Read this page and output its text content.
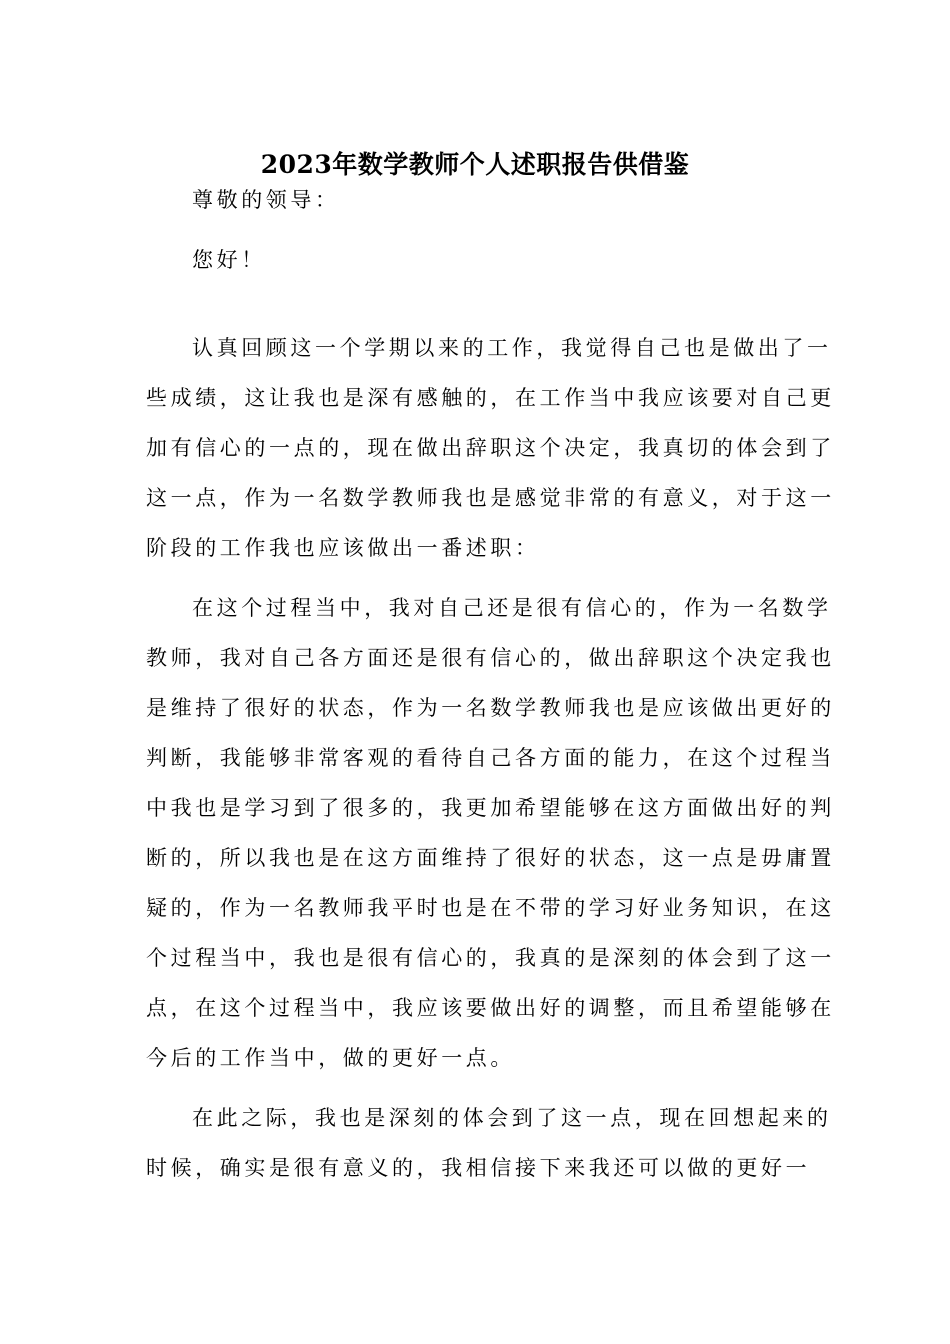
2023年数学教师个人述职报告供借鉴
尊敬的领导：
您好！
认真回顾这一个学期以来的工作，我觉得自己也是做出了一
些成绩，这让我也是深有感触的，在工作当中我应该要对自己更
加有信心的一点的，现在做出辞职这个决定，我真切的体会到了
这一点，作为一名数学教师我也是感觉非常的有意义，对于这一
阶段的工作我也应该做出一番述职：
在这个过程当中，我对自己还是很有信心的，作为一名数学
教师，我对自己各方面还是很有信心的，做出辞职这个决定我也
是维持了很好的状态，作为一名数学教师我也是应该做出更好的
判断，我能够非常客观的看待自己各方面的能力，在这个过程当
中我也是学习到了很多的，我更加希望能够在这方面做出好的判
断的，所以我也是在这方面维持了很好的状态，这一点是毋庸置
疑的，作为一名教师我平时也是在不带的学习好业务知识，在这
个过程当中，我也是很有信心的，我真的是深刻的体会到了这一
点，在这个过程当中，我应该要做出好的调整，而且希望能够在
今后的工作当中，做的更好一点。
在此之际，我也是深刻的体会到了这一点，现在回想起来的
时候，确实是很有意义的，我相信接下来我还可以做的更好一
